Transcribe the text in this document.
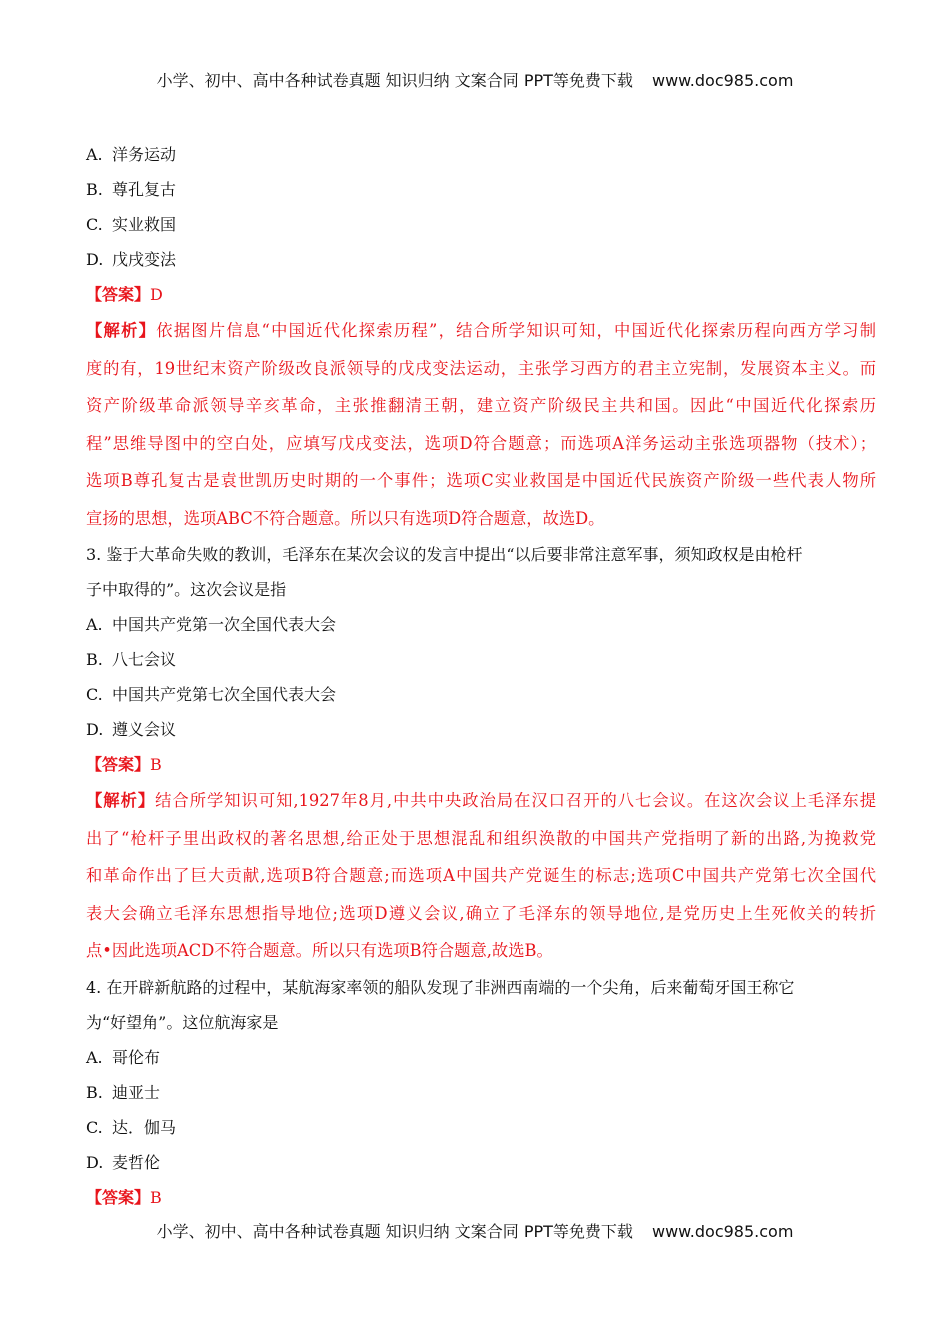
小学、初中、高中各种试卷真题 知识归纳 文案合同 PPT等免费下载 www.doc985.com
A. 洋务运动
B. 尊孔复古
C. 实业救国
D. 戊戌变法
【答案】D
【解析】依据图片信息“中国近代化探索历程”，结合所学知识可知，中国近代化探索历程向西方学习制
度的有，19世纪末资产阶级改良派领导的戊戌变法运动，主张学习西方的君主立宪制，发展资本主义。而
资产阶级革命派领导辛亥革命，主张推翻清王朝，建立资产阶级民主共和国。因此“中国近代化探索历
程”思维导图中的空白处，应填写戊戌变法，选项D符合题意；而选项A洋务运动主张选项器物（技术）；
选项B尊孔复古是袁世凯历史时期的一个事件；选项C实业救国是中国近代民族资产阶级一些代表人物所
宣扬的思想，选项ABC不符合题意。所以只有选项D符合题意，故选D。
3. 鉴于大革命失败的教训，毛泽东在某次会议的发言中提出“以后要非常注意军事，须知政权是由枪杆
子中取得的”。这次会议是指
A. 中国共产党第一次全国代表大会
B. 八七会议
C. 中国共产党第七次全国代表大会
D. 遵义会议
【答案】B
【解析】结合所学知识可知,1927年8月,中共中央政治局在汉口召开的八七会议。在这次会议上毛泽东提
出了“枪杆子里出政权的著名思想,给正处于思想混乱和组织涣散的中国共产党指明了新的出路,为挽救党
和革命作出了巨大贡献,选项B符合题意;而选项A中国共产党诞生的标志;选项C中国共产党第七次全国代
表大会确立毛泽东思想指导地位;选项D遵义会议,确立了毛泽东的领导地位,是党历史上生死攸关的转折
点•因此选项ACD不符合题意。所以只有选项B符合题意,故选B。
4. 在开辟新航路的过程中，某航海家率领的船队发现了非洲西南端的一个尖角，后来葡萄牙国王称它
为“好望角”。这位航海家是
A. 哥伦布
B. 迪亚士
C. 达．伽马
D. 麦哲伦
【答案】B
小学、初中、高中各种试卷真题 知识归纳 文案合同 PPT等免费下载 www.doc985.com
